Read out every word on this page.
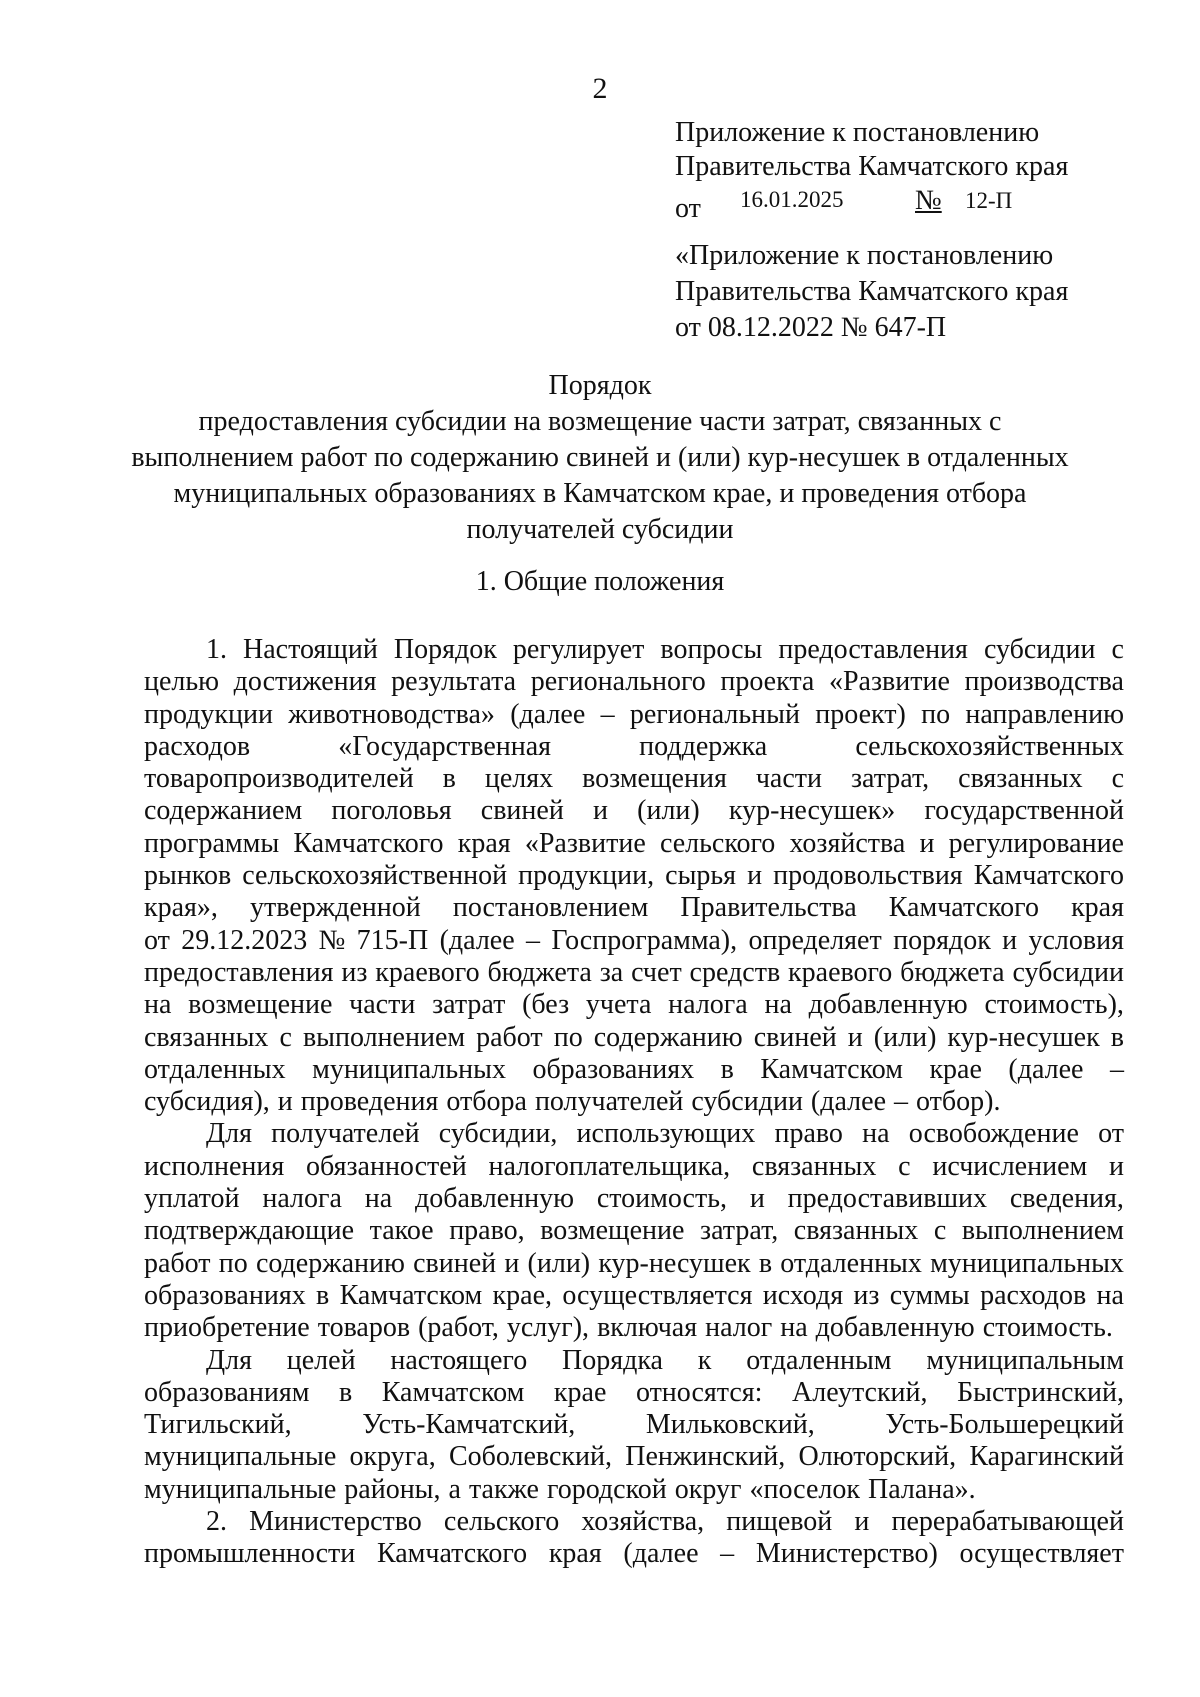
2
Приложение к постановлению
Правительства Камчатского края
от 16.01.2025	№ 12-П
«Приложение к постановлению
Правительства Камчатского края
от 08.12.2022 № 647-П
Порядок
предоставления субсидии на возмещение части затрат, связанных с
выполнением работ по содержанию свиней и (или) кур-несушек в отдаленных
муниципальных образованиях в Камчатском крае, и проведения отбора
получателей субсидии
1. Общие положения
1. Настоящий Порядок регулирует вопросы предоставления субсидии с
целью достижения результата регионального проекта «Развитие производства
продукции животноводства» (далее – региональный проект) по направлению
расходов	«Государственная	поддержка	сельскохозяйственных
товаропроизводителей в целях возмещения части затрат, связанных с
содержанием поголовья свиней и (или) кур-несушек» государственной
программы Камчатского края «Развитие сельского хозяйства и регулирование
рынков сельскохозяйственной продукции, сырья и продовольствия Камчатского
края», утвержденной постановлением Правительства Камчатского края
от 29.12.2023 № 715-П (далее – Госпрограмма), определяет порядок и условия
предоставления из краевого бюджета за счет средств краевого бюджета субсидии
на возмещение части затрат (без учета налога на добавленную стоимость),
связанных с выполнением работ по содержанию свиней и (или) кур-несушек в
отдаленных муниципальных образованиях в Камчатском крае (далее –
субсидия), и проведения отбора получателей субсидии (далее – отбор).
Для получателей субсидии, использующих право на освобождение от
исполнения обязанностей налогоплательщика, связанных с исчислением и
уплатой налога на добавленную стоимость, и предоставивших сведения,
подтверждающие такое право, возмещение затрат, связанных с выполнением
работ по содержанию свиней и (или) кур-несушек в отдаленных муниципальных
образованиях в Камчатском крае, осуществляется исходя из суммы расходов на
приобретение товаров (работ, услуг), включая налог на добавленную стоимость.
Для целей настоящего Порядка к отдаленным муниципальным
образованиям в Камчатском крае относятся: Алеутский, Быстринский,
Тигильский,	Усть-Камчатский,	Мильковский,	Усть-Большерецкий
муниципальные округа, Соболевский, Пенжинский, Олюторский, Карагинский
муниципальные районы, а также городской округ «поселок Палана».
2. Министерство сельского хозяйства, пищевой и перерабатывающей
промышленности Камчатского края (далее – Министерство) осуществляет
